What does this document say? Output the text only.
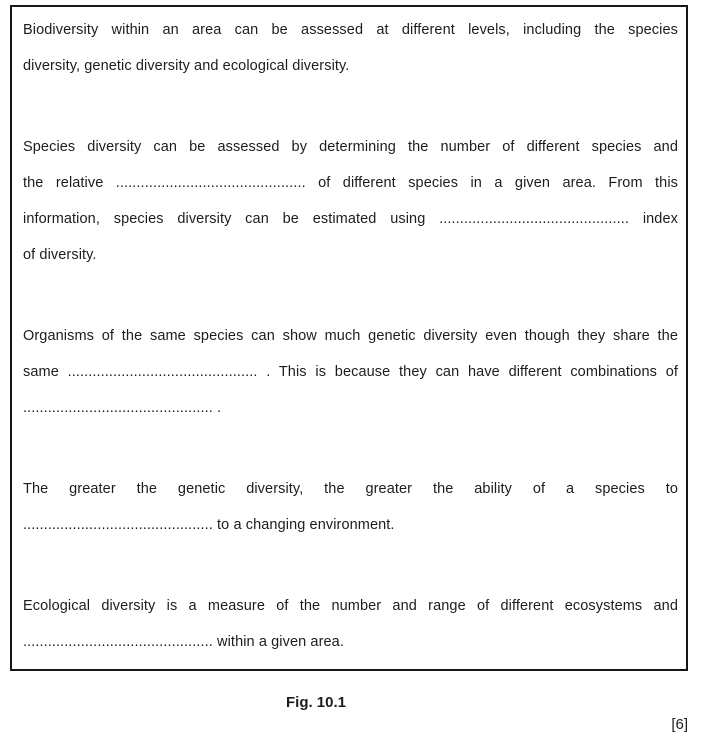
Biodiversity within an area can be assessed at different levels, including the species
diversity, genetic diversity and ecological diversity.
Species diversity can be assessed by determining the number of different species and
the relative .............................................. of different species in a given area. From this
information, species diversity can be estimated using .............................................. index
of diversity.
Organisms of the same species can show much genetic diversity even though they share the
same .............................................. . This is because they can have different combinations of
.............................................. .
The greater the genetic diversity, the greater the ability of a species to
.............................................. to a changing environment.
Ecological diversity is a measure of the number and range of different ecosystems and
.............................................. within a given area.
Fig. 10.1
[6]
